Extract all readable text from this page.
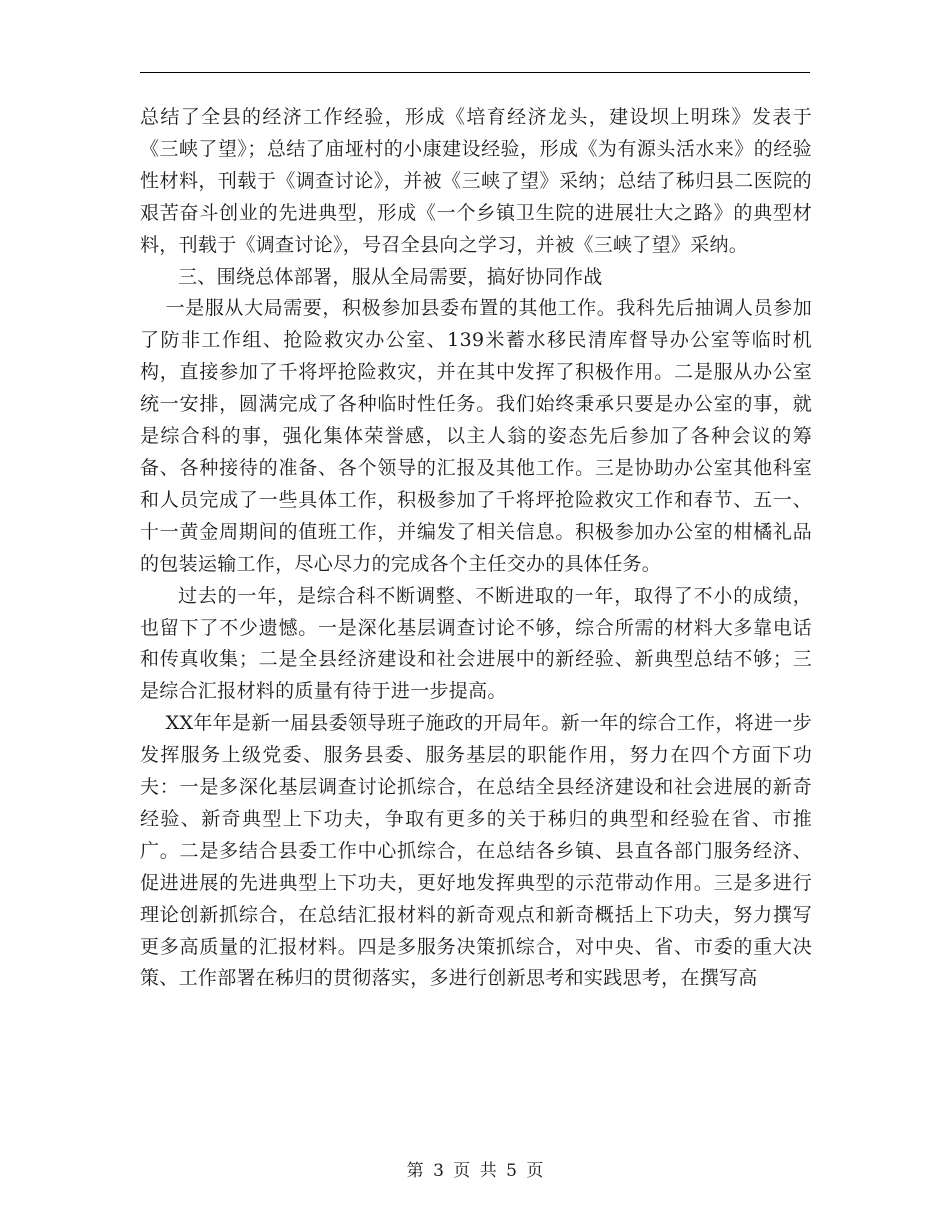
总结了全县的经济工作经验，形成《培育经济龙头，建设坝上明珠》发表于《三峡了望》；总结了庙垭村的小康建设经验，形成《为有源头活水来》的经验性材料，刊载于《调查讨论》，并被《三峡了望》采纳；总结了秭归县二医院的艰苦奋斗创业的先进典型，形成《一个乡镇卫生院的进展壮大之路》的典型材料，刊载于《调查讨论》，号召全县向之学习，并被《三峡了望》采纳。

三、围绕总体部署，服从全局需要，搞好协同作战

一是服从大局需要，积极参加县委布置的其他工作。我科先后抽调人员参加了防非工作组、抢险救灾办公室、139米蓄水移民清库督导办公室等临时机构，直接参加了千将坪抢险救灾，并在其中发挥了积极作用。二是服从办公室统一安排，圆满完成了各种临时性任务。我们始终秉承只要是办公室的事，就是综合科的事，强化集体荣誉感，以主人翁的姿态先后参加了各种会议的筹备、各种接待的准备、各个领导的汇报及其他工作。三是协助办公室其他科室和人员完成了一些具体工作，积极参加了千将坪抢险救灾工作和春节、五一、十一黄金周期间的值班工作，并编发了相关信息。积极参加办公室的柑橘礼品的包装运输工作，尽心尽力的完成各个主任交办的具体任务。

过去的一年，是综合科不断调整、不断进取的一年，取得了不小的成绩，也留下了不少遗憾。一是深化基层调查讨论不够，综合所需的材料大多靠电话和传真收集；二是全县经济建设和社会进展中的新经验、新典型总结不够；三是综合汇报材料的质量有待于进一步提高。

XX年年是新一届县委领导班子施政的开局年。新一年的综合工作，将进一步发挥服务上级党委、服务县委、服务基层的职能作用，努力在四个方面下功夫：一是多深化基层调查讨论抓综合，在总结全县经济建设和社会进展的新奇经验、新奇典型上下功夫，争取有更多的关于秭归的典型和经验在省、市推广。二是多结合县委工作中心抓综合，在总结各乡镇、县直各部门服务经济、促进进展的先进典型上下功夫，更好地发挥典型的示范带动作用。三是多进行理论创新抓综合，在总结汇报材料的新奇观点和新奇概括上下功夫，努力撰写更多高质量的汇报材料。四是多服务决策抓综合，对中央、省、市委的重大决策、工作部署在秭归的贯彻落实，多进行创新思考和实践思考，在撰写高

第 3 页 共 5 页
